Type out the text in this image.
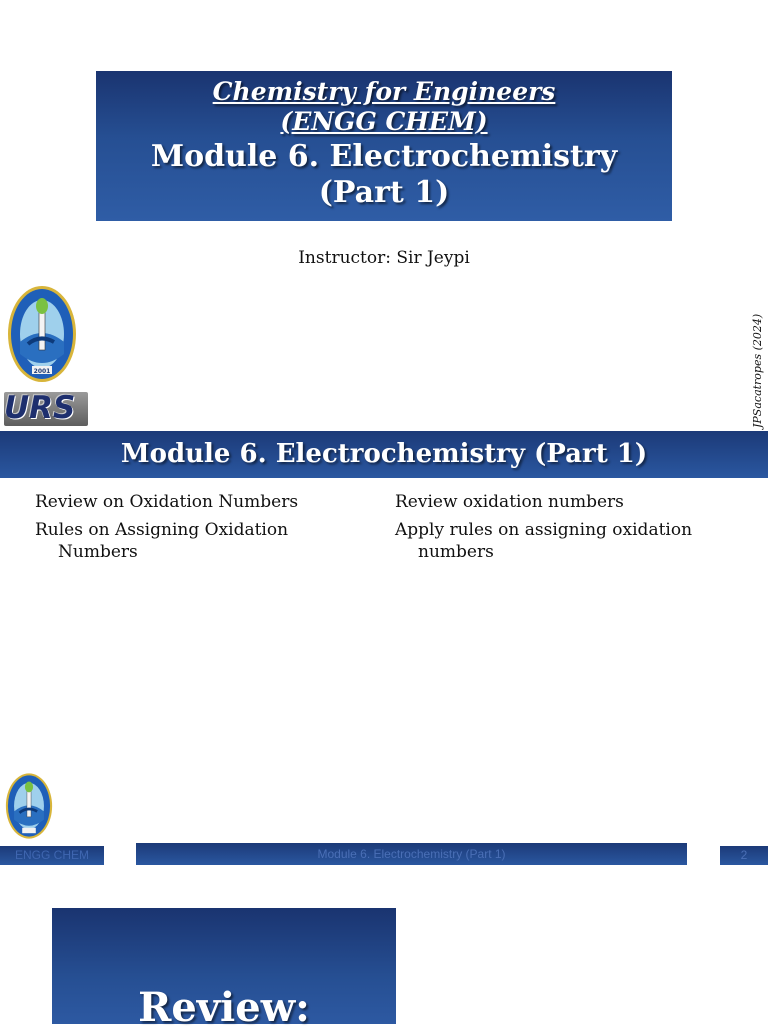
Chemistry for Engineers
(ENGG CHEM)
Module 6. Electrochemistry
(Part 1)
Instructor: Sir Jeypi
2001
URS	JPSacatropes (2024)
Module 6. Electrochemistry (Part 1)
Review on Oxidation Numbers
Rules on Assigning Oxidation
Numbers
Review oxidation numbers
Apply rules on assigning oxidation
numbers
ENGG CHEM	Module 6. Electrochemistry (Part 1)	2
Review:
